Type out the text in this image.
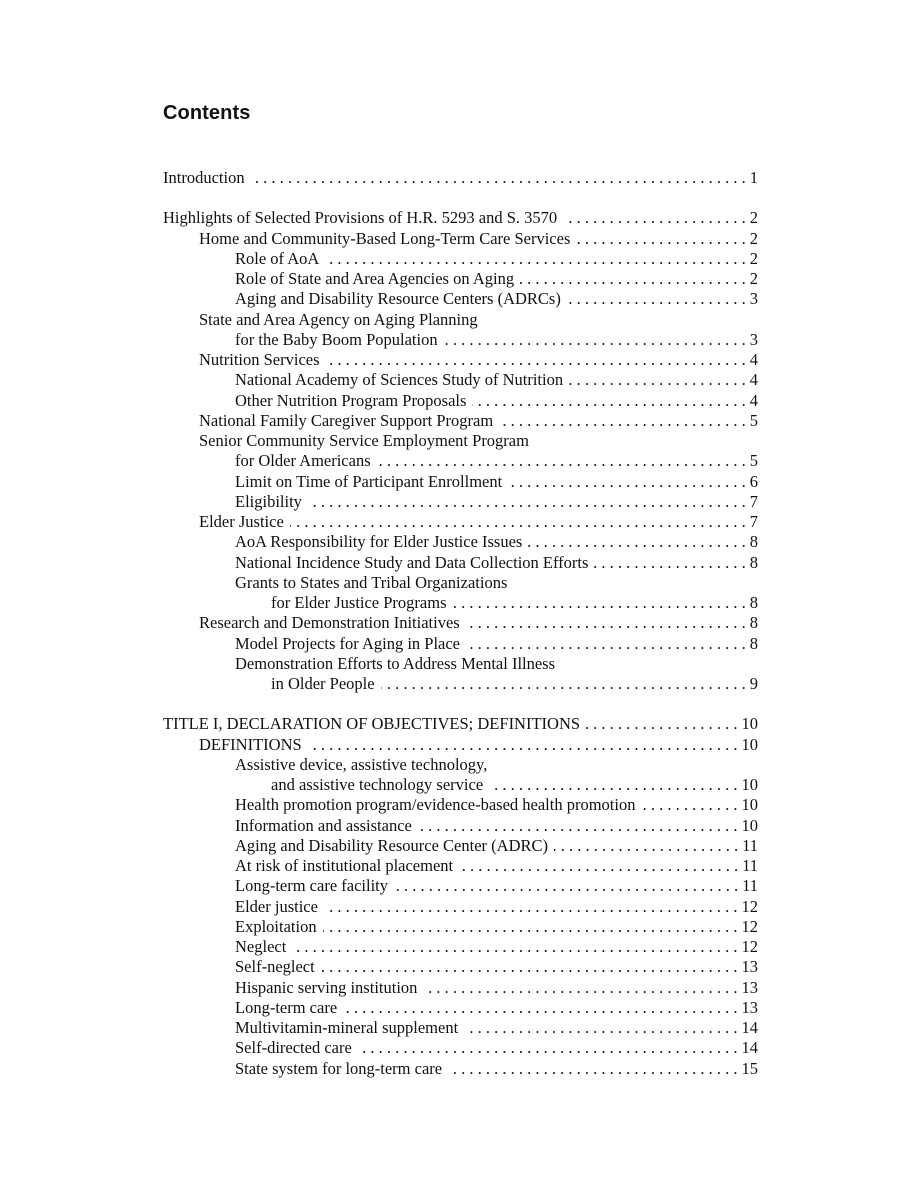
Contents
Introduction . . .	1
Highlights of Selected Provisions of H.R. 5293 and S. 3570 . . .	2
Home and Community-Based Long-Term Care Services . . .	2
Role of AoA . . .	2
Role of State and Area Agencies on Aging . . .	2
Aging and Disability Resource Centers (ADRCs) . . .	3
State and Area Agency on Aging Planning
for the Baby Boom Population . . .	3
Nutrition Services . . .	4
National Academy of Sciences Study of Nutrition . . .	4
Other Nutrition Program Proposals . . .	4
National Family Caregiver Support Program . . .	5
Senior Community Service Employment Program
for Older Americans . . .	5
Limit on Time of Participant Enrollment . . .	6
Eligibility . . .	7
Elder Justice . . .	7
AoA Responsibility for Elder Justice Issues . . .	8
National Incidence Study and Data Collection Efforts . . .	8
Grants to States and Tribal Organizations
for Elder Justice Programs . . .	8
Research and Demonstration Initiatives . . .	8
Model Projects for Aging in Place . . .	8
Demonstration Efforts to Address Mental Illness
in Older People . . .	9
TITLE I, DECLARATION OF OBJECTIVES; DEFINITIONS . . .	10
DEFINITIONS . . .	10
Assistive device, assistive technology,
and assistive technology service . . .	10
Health promotion program/evidence-based health promotion . . .	10
Information and assistance . . .	10
Aging and Disability Resource Center (ADRC) . . .	11
At risk of institutional placement . . .	11
Long-term care facility . . .	11
Elder justice . . .	12
Exploitation . . .	12
Neglect . . .	12
Self-neglect . . .	13
Hispanic serving institution . . .	13
Long-term care . . .	13
Multivitamin-mineral supplement . . .	14
Self-directed care . . .	14
State system for long-term care . . .	15
